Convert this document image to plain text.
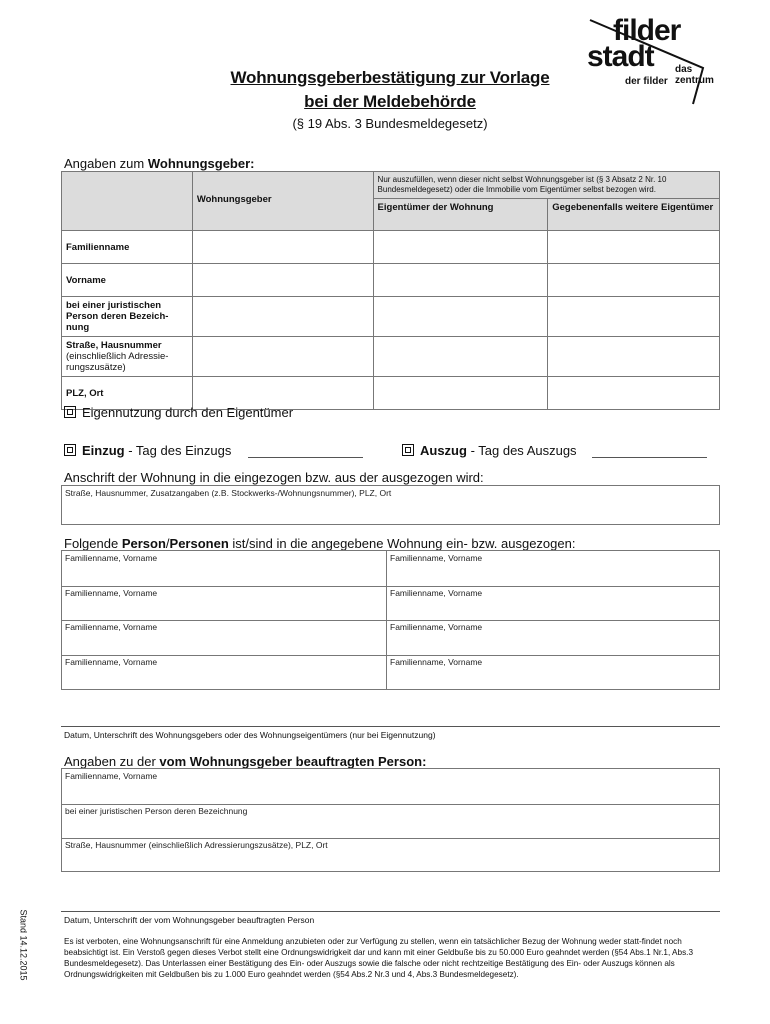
filder
stadt das zentrum
der filder
Wohnungsgeberbestätigung zur Vorlage
bei der Meldebehörde
(§ 19 Abs. 3 Bundesmeldegesetz)
Angaben zum Wohnungsgeber:
	Wohnungsgeber	Nur auszufüllen, wenn dieser nicht selbst Wohnungsgeber ist (§ 3 Absatz 2 Nr. 10 Bundesmeldegesetz) oder die Immobilie vom Eigentümer selbst bezogen wird.	
		Eigentümer der Wohnung	Gegebenenfalls weitere Eigentümer
Familienname			
Vorname			
bei einer juristischen Person deren Bezeich-nung			
Straße, Hausnummer
(einschließlich Adressie-rungszusätze)			
PLZ, Ort			
Eigennutzung durch den Eigentümer
Einzug - Tag des Einzugs	Auszug - Tag des Auszugs
Anschrift der Wohnung in die eingezogen bzw. aus der ausgezogen wird:
Straße, Hausnummer, Zusatzangaben (z.B. Stockwerks-/Wohnungsnummer), PLZ, Ort
Folgende Person/Personen ist/sind in die angegebene Wohnung ein- bzw. ausgezogen:
Familienname, Vorname	Familienname, Vorname
Familienname, Vorname	Familienname, Vorname
Familienname, Vorname	Familienname, Vorname
Familienname, Vorname	Familienname, Vorname
Datum, Unterschrift des Wohnungsgebers oder des Wohnungseigentümers (nur bei Eigennutzung)
Angaben zu der vom Wohnungsgeber beauftragten Person:
Familienname, Vorname
bei einer juristischen Person deren Bezeichnung
Straße, Hausnummer (einschließlich Adressierungszusätze), PLZ, Ort
Datum, Unterschrift der vom Wohnungsgeber beauftragten Person
Es ist verboten, eine Wohnungsanschrift für eine Anmeldung anzubieten oder zur Verfügung zu stellen, wenn ein tatsächlicher Bezug der Wohnung weder statt-findet noch beabsichtigt ist. Ein Verstoß gegen dieses Verbot stellt eine Ordnungswidrigkeit dar und kann mit einer Geldbuße bis zu 50.000 Euro geahndet werden (§54 Abs.1 Nr.1, Abs.3 Bundesmeldegesetz). Das Unterlassen einer Bestätigung des Ein- oder Auszugs sowie die falsche oder nicht rechtzeitige Bestätigung des Ein- oder Auszugs können als Ordnungswidrigkeiten mit Geldbußen bis zu 1.000 Euro geahndet werden (§54 Abs.2 Nr.3 und 4, Abs.3 Bundesmeldegesetz).
Stand 14.12.2015
